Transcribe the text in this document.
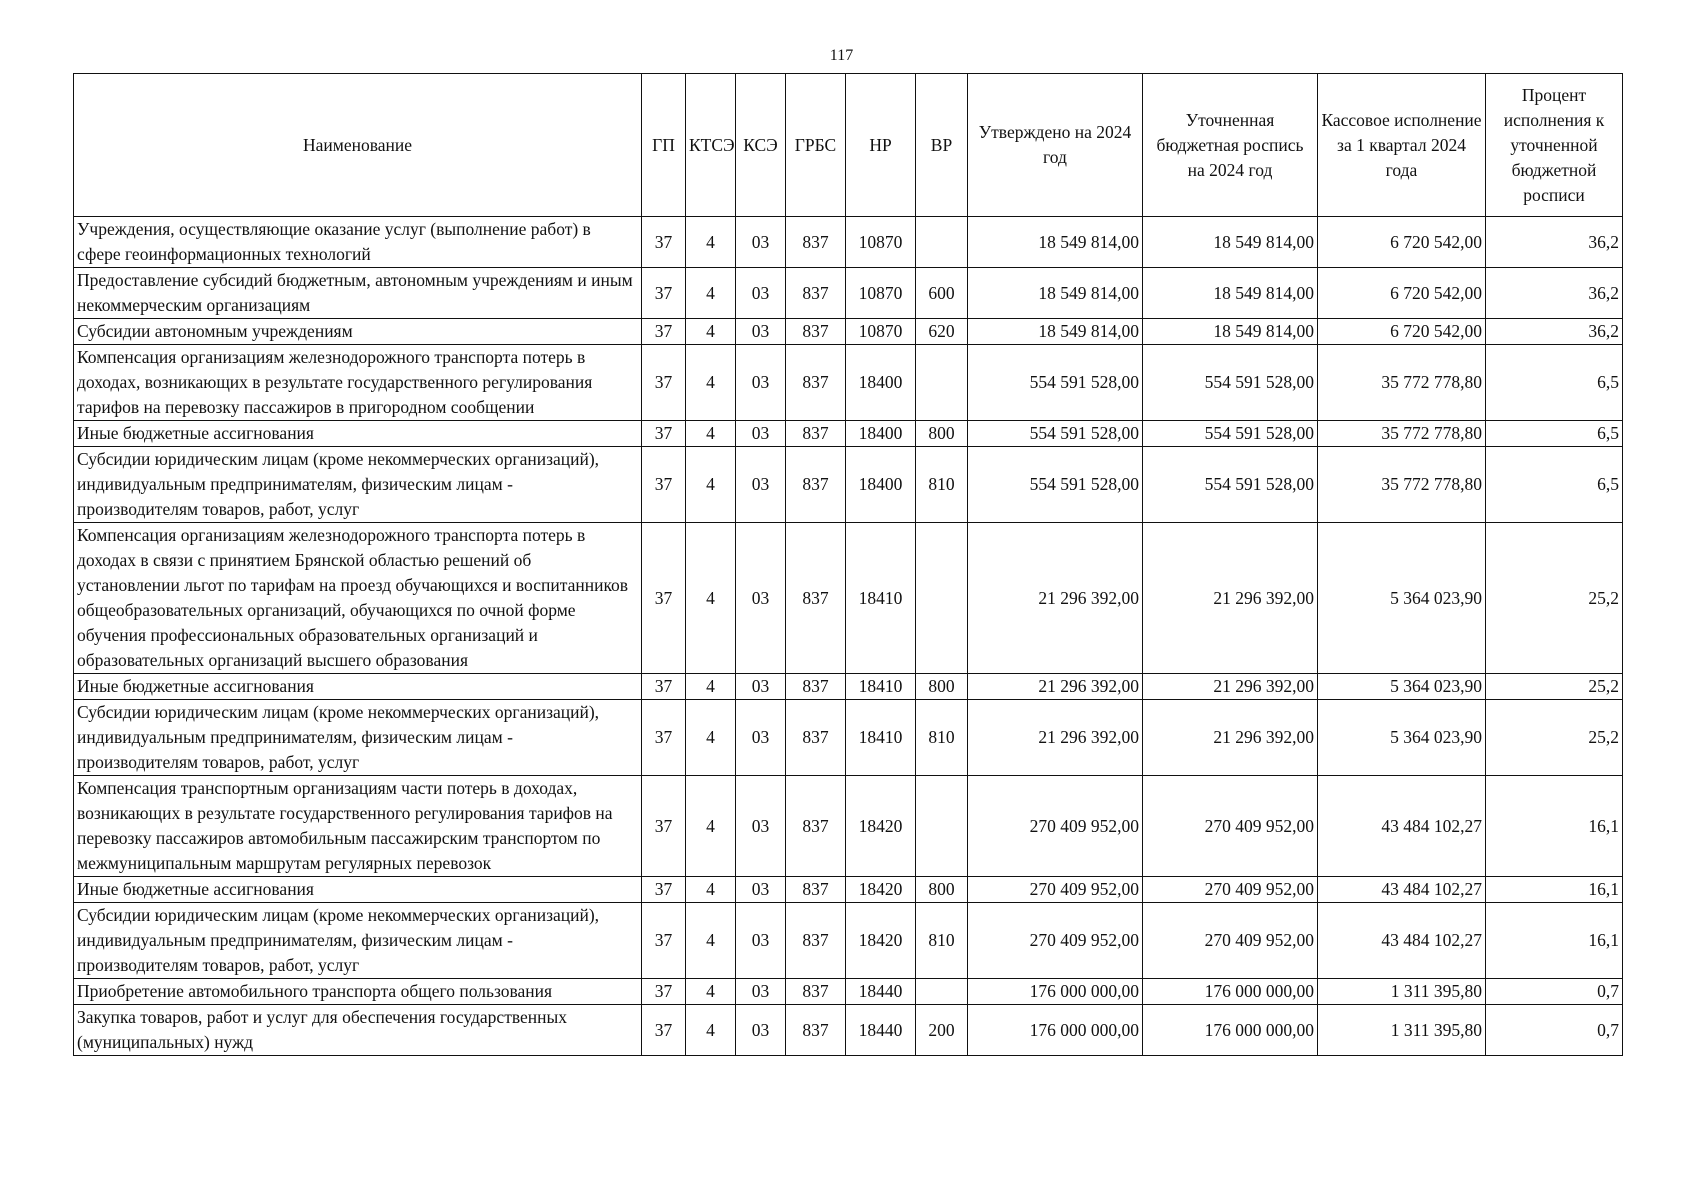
117
Наименование	ГП	КТСЭ	КСЭ	ГРБС	НР	ВР	Утверждено на 2024 год	Уточненная бюджетная роспись на 2024 год	Кассовое исполнение за 1 квартал 2024 года	Процент исполнения к уточненной бюджетной росписи
Учреждения, осуществляющие оказание услуг (выполнение работ) в сфере геоинформационных технологий	37	4	03	837	10870		18 549 814,00	18 549 814,00	6 720 542,00	36,2
Предоставление субсидий бюджетным, автономным учреждениям и иным некоммерческим организациям	37	4	03	837	10870	600	18 549 814,00	18 549 814,00	6 720 542,00	36,2
Субсидии автономным учреждениям	37	4	03	837	10870	620	18 549 814,00	18 549 814,00	6 720 542,00	36,2
Компенсация организациям железнодорожного транспорта потерь в доходах, возникающих в результате государственного регулирования тарифов на перевозку пассажиров в пригородном сообщении	37	4	03	837	18400		554 591 528,00	554 591 528,00	35 772 778,80	6,5
Иные бюджетные ассигнования	37	4	03	837	18400	800	554 591 528,00	554 591 528,00	35 772 778,80	6,5
Субсидии юридическим лицам (кроме некоммерческих организаций), индивидуальным предпринимателям, физическим лицам - производителям товаров, работ, услуг	37	4	03	837	18400	810	554 591 528,00	554 591 528,00	35 772 778,80	6,5
Компенсация организациям железнодорожного транспорта потерь в доходах в связи с принятием Брянской областью решений об установлении льгот по тарифам на проезд обучающихся и воспитанников общеобразовательных организаций, обучающихся по очной форме обучения профессиональных образовательных организаций и образовательных организаций высшего образования	37	4	03	837	18410		21 296 392,00	21 296 392,00	5 364 023,90	25,2
Иные бюджетные ассигнования	37	4	03	837	18410	800	21 296 392,00	21 296 392,00	5 364 023,90	25,2
Субсидии юридическим лицам (кроме некоммерческих организаций), индивидуальным предпринимателям, физическим лицам - производителям товаров, работ, услуг	37	4	03	837	18410	810	21 296 392,00	21 296 392,00	5 364 023,90	25,2
Компенсация транспортным организациям части потерь в доходах, возникающих в результате государственного регулирования тарифов на перевозку пассажиров автомобильным пассажирским транспортом по межмуниципальным маршрутам регулярных перевозок	37	4	03	837	18420		270 409 952,00	270 409 952,00	43 484 102,27	16,1
Иные бюджетные ассигнования	37	4	03	837	18420	800	270 409 952,00	270 409 952,00	43 484 102,27	16,1
Субсидии юридическим лицам (кроме некоммерческих организаций), индивидуальным предпринимателям, физическим лицам - производителям товаров, работ, услуг	37	4	03	837	18420	810	270 409 952,00	270 409 952,00	43 484 102,27	16,1
Приобретение автомобильного транспорта общего пользования	37	4	03	837	18440		176 000 000,00	176 000 000,00	1 311 395,80	0,7
Закупка товаров, работ и услуг для обеспечения государственных (муниципальных) нужд	37	4	03	837	18440	200	176 000 000,00	176 000 000,00	1 311 395,80	0,7
